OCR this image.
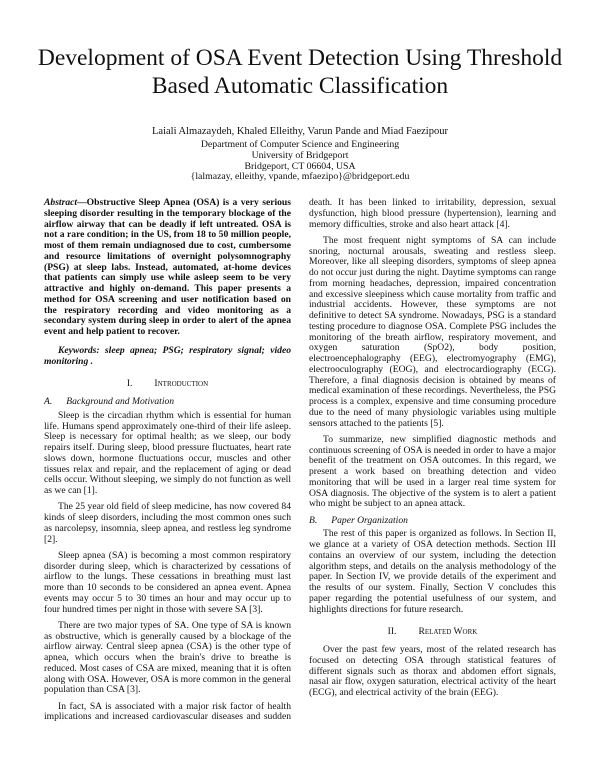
Development of OSA Event Detection Using Threshold Based Automatic Classification
Laiali Almazaydeh, Khaled Elleithy, Varun Pande and Miad Faezipour
Department of Computer Science and Engineering
University of Bridgeport
Bridgeport, CT 06604, USA
{lalmazay, elleithy, vpande, mfaezipo}@bridgeport.edu

Abstract—Obstructive Sleep Apnea (OSA) is a very serious sleeping disorder resulting in the temporary blockage of the airflow airway that can be deadly if left untreated. OSA is not a rare condition; in the US, from 18 to 50 million people, most of them remain undiagnosed due to cost, cumbersome and resource limitations of overnight polysomnography (PSG) at sleep labs. Instead, automated, at-home devices that patients can simply use while asleep seem to be very attractive and highly on-demand. This paper presents a method for OSA screening and user notification based on the respiratory recording and video monitoring as a secondary system during sleep in order to alert of the apnea event and help patient to recover.

Keywords: sleep apnea; PSG; respiratory signal; video monitoring .

I. Introduction
A. Background and Motivation

Sleep is the circadian rhythm which is essential for human life. Humans spend approximately one-third of their life asleep. Sleep is necessary for optimal health; as we sleep, our body repairs itself. During sleep, blood pressure fluctuates, heart rate slows down, hormone fluctuations occur, muscles and other tissues relax and repair, and the replacement of aging or dead cells occur. Without sleeping, we simply do not function as well as we can [1].

The 25 year old field of sleep medicine, has now covered 84 kinds of sleep disorders, including the most common ones such as narcolepsy, insomnia, sleep apnea, and restless leg syndrome [2].

Sleep apnea (SA) is becoming a most common respiratory disorder during sleep, which is characterized by cessations of airflow to the lungs. These cessations in breathing must last more than 10 seconds to be considered an apnea event. Apnea events may occur 5 to 30 times an hour and may occur up to four hundred times per night in those with severe SA [3].

There are two major types of SA. One type of SA is known as obstructive, which is generally caused by a blockage of the airflow airway. Central sleep apnea (CSA) is the other type of apnea, which occurs when the brain's drive to breathe is reduced. Most cases of CSA are mixed, meaning that it is often along with OSA. However, OSA is more common in the general population than CSA [3].

In fact, SA is associated with a major risk factor of health implications and increased cardiovascular diseases and sudden

death. It has been linked to irritability, depression, sexual dysfunction, high blood pressure (hypertension), learning and memory difficulties, stroke and also heart attack [4].

The most frequent night symptoms of SA can include snoring, nocturnal arousals, sweating and restless sleep. Moreover, like all sleeping disorders, symptoms of sleep apnea do not occur just during the night. Daytime symptoms can range from morning headaches, depression, impaired concentration and excessive sleepiness which cause mortality from traffic and industrial accidents. However, these symptoms are not definitive to detect SA syndrome. Nowadays, PSG is a standard testing procedure to diagnose OSA. Complete PSG includes the monitoring of the breath airflow, respiratory movement, and oxygen saturation (SpO2), body position, electroencephalography (EEG), electromyography (EMG), electrooculography (EOG), and electrocardiography (ECG). Therefore, a final diagnosis decision is obtained by means of medical examination of these recordings. Nevertheless, the PSG process is a complex, expensive and time consuming procedure due to the need of many physiologic variables using multiple sensors attached to the patients [5].

To summarize, new simplified diagnostic methods and continuous screening of OSA is needed in order to have a major benefit of the treatment on OSA outcomes. In this regard, we present a work based on breathing detection and video monitoring that will be used in a larger real time system for OSA diagnosis. The objective of the system is to alert a patient who might be subject to an apnea attack.

B. Paper Organization

The rest of this paper is organized as follows. In Section II, we glance at a variety of OSA detection methods. Section III contains an overview of our system, including the detection algorithm steps, and details on the analysis methodology of the paper. In Section IV, we provide details of the experiment and the results of our system. Finally, Section V concludes this paper regarding the potential usefulness of our system, and highlights directions for future research.

II. Related Work

Over the past few years, most of the related research has focused on detecting OSA through statistical features of different signals such as thorax and abdomen effort signals, nasal air flow, oxygen saturation, electrical activity of the heart (ECG), and electrical activity of the brain (EEG).
